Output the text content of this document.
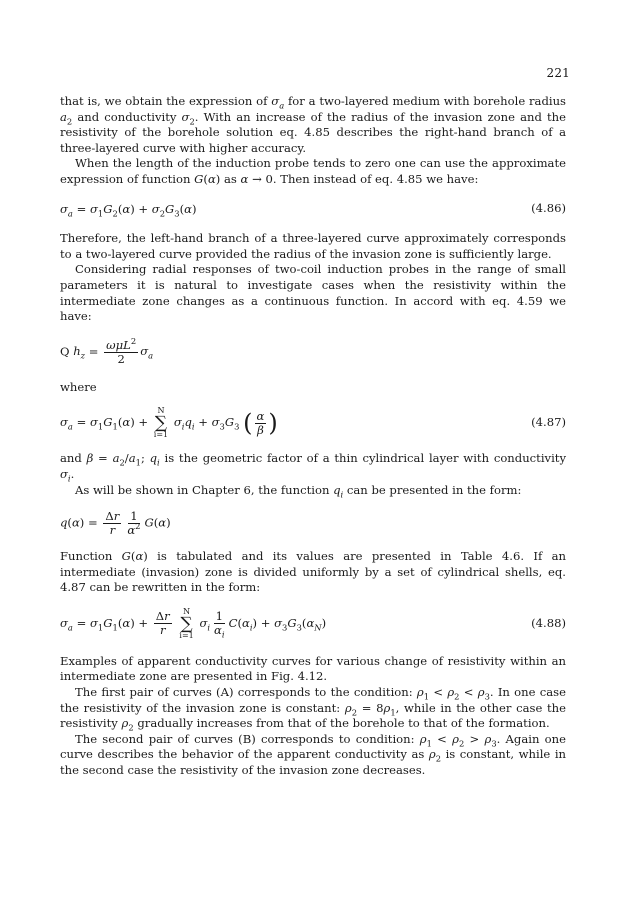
221

that is, we obtain the expression of $\sigma_a$ for a two-layered medium with borehole radius $a_2$ and conductivity $\sigma_2$. With an increase of the radius of the invasion zone and the resistivity of the borehole solution eq. 4.85 describes the right-hand branch of a three-layered curve with higher accuracy.

When the length of the induction probe tends to zero one can use the approximate expression of function G(α) as α → 0. Then instead of eq. 4.85 we have:

$\sigma_a = \sigma_1G_2(\alpha) + \sigma_2G_3(\alpha)$	(4.86)

Therefore, the left-hand branch of a three-layered curve approximately corresponds to a two-layered curve provided the radius of the invasion zone is sufficiently large.

Considering radial responses of two-coil induction probes in the range of small parameters it is natural to investigate cases when the resistivity within the intermediate zone changes as a continuous function. In accord with eq. 4.59 we have:

Q $h_z = \frac{\omega\mu L^2}{2} \sigma_a$

where

$\sigma_a = \sigma_1G_1(\alpha)$ +
N
∑
i=1
$\sigma_iq_i + \sigma_3G_3$ ( $\frac{\alpha}{\beta}$ )	(4.87)

and $\beta = a_2/a_1$; $q_i$ is the geometric factor of a thin cylindrical layer with conductivity $\sigma_i$.

As will be shown in Chapter 6, the function $q_i$ can be presented in the form:

$q(\alpha) = \frac{\Delta r}{r} \frac{1}{\alpha^2} G(\alpha)$

Function G(α) is tabulated and its values are presented in Table 4.6. If an intermediate (invasion) zone is divided uniformly by a set of cylindrical shells, eq. 4.87 can be rewritten in the form:

$\sigma_a = \sigma_1G_1(\alpha) + \frac{\Delta r}{r}$
N
∑
i=1
$\sigma_i \frac{1}{\alpha_i} C(\alpha_i) + \sigma_3G_3(\alpha_N)$	(4.88)

Examples of apparent conductivity curves for various change of resistivity within an intermediate zone are presented in Fig. 4.12.

The first pair of curves (A) corresponds to the condition: $\rho_1 < \rho_2 < \rho_3$. In one case the resistivity of the invasion zone is constant: $\rho_2 = 8\rho_1$, while in the other case the resistivity $\rho_2$ gradually increases from that of the borehole to that of the formation.

The second pair of curves (B) corresponds to condition: $\rho_1 < \rho_2 > \rho_3$. Again one curve describes the behavior of the apparent conductivity as $\rho_2$ is constant, while in the second case the resistivity of the invasion zone decreases.
